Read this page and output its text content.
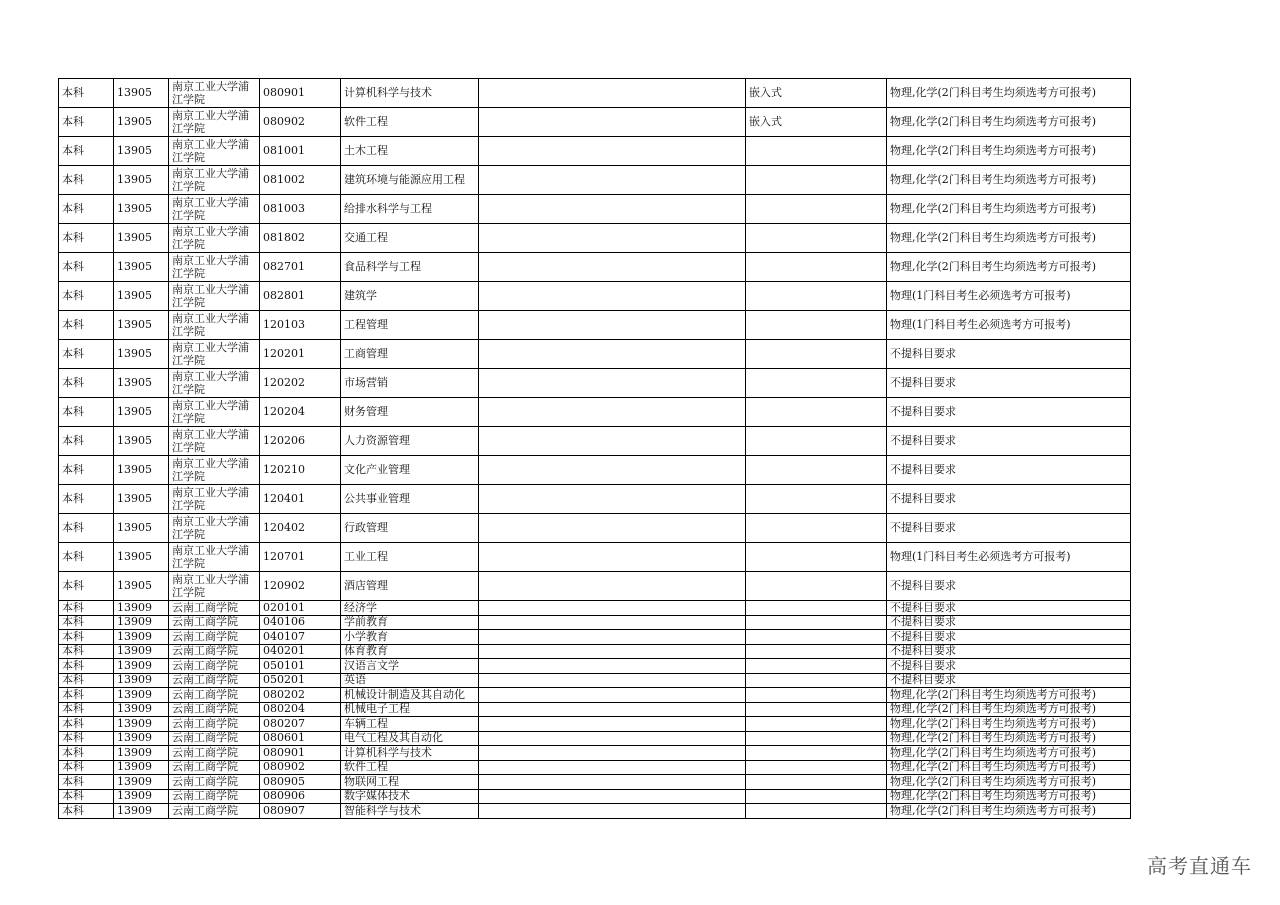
本科	13905	南京工业大学浦江学院	080901	计算机科学与技术		嵌入式	物理,化学(2门科目考生均须选考方可报考)
本科	13905	南京工业大学浦江学院	080902	软件工程		嵌入式	物理,化学(2门科目考生均须选考方可报考)
本科	13905	南京工业大学浦江学院	081001	土木工程			物理,化学(2门科目考生均须选考方可报考)
本科	13905	南京工业大学浦江学院	081002	建筑环境与能源应用工程			物理,化学(2门科目考生均须选考方可报考)
本科	13905	南京工业大学浦江学院	081003	给排水科学与工程			物理,化学(2门科目考生均须选考方可报考)
本科	13905	南京工业大学浦江学院	081802	交通工程			物理,化学(2门科目考生均须选考方可报考)
本科	13905	南京工业大学浦江学院	082701	食品科学与工程			物理,化学(2门科目考生均须选考方可报考)
本科	13905	南京工业大学浦江学院	082801	建筑学			物理(1门科目考生必须选考方可报考)
本科	13905	南京工业大学浦江学院	120103	工程管理			物理(1门科目考生必须选考方可报考)
本科	13905	南京工业大学浦江学院	120201	工商管理			不提科目要求
本科	13905	南京工业大学浦江学院	120202	市场营销			不提科目要求
本科	13905	南京工业大学浦江学院	120204	财务管理			不提科目要求
本科	13905	南京工业大学浦江学院	120206	人力资源管理			不提科目要求
本科	13905	南京工业大学浦江学院	120210	文化产业管理			不提科目要求
本科	13905	南京工业大学浦江学院	120401	公共事业管理			不提科目要求
本科	13905	南京工业大学浦江学院	120402	行政管理			不提科目要求
本科	13905	南京工业大学浦江学院	120701	工业工程			物理(1门科目考生必须选考方可报考)
本科	13905	南京工业大学浦江学院	120902	酒店管理			不提科目要求
本科	13909	云南工商学院	020101	经济学			不提科目要求
本科	13909	云南工商学院	040106	学前教育			不提科目要求
本科	13909	云南工商学院	040107	小学教育			不提科目要求
本科	13909	云南工商学院	040201	体育教育			不提科目要求
本科	13909	云南工商学院	050101	汉语言文学			不提科目要求
本科	13909	云南工商学院	050201	英语			不提科目要求
本科	13909	云南工商学院	080202	机械设计制造及其自动化			物理,化学(2门科目考生均须选考方可报考)
本科	13909	云南工商学院	080204	机械电子工程			物理,化学(2门科目考生均须选考方可报考)
本科	13909	云南工商学院	080207	车辆工程			物理,化学(2门科目考生均须选考方可报考)
本科	13909	云南工商学院	080601	电气工程及其自动化			物理,化学(2门科目考生均须选考方可报考)
本科	13909	云南工商学院	080901	计算机科学与技术			物理,化学(2门科目考生均须选考方可报考)
本科	13909	云南工商学院	080902	软件工程			物理,化学(2门科目考生均须选考方可报考)
本科	13909	云南工商学院	080905	物联网工程			物理,化学(2门科目考生均须选考方可报考)
本科	13909	云南工商学院	080906	数字媒体技术			物理,化学(2门科目考生均须选考方可报考)
本科	13909	云南工商学院	080907	智能科学与技术			物理,化学(2门科目考生均须选考方可报考)
高考直通车
